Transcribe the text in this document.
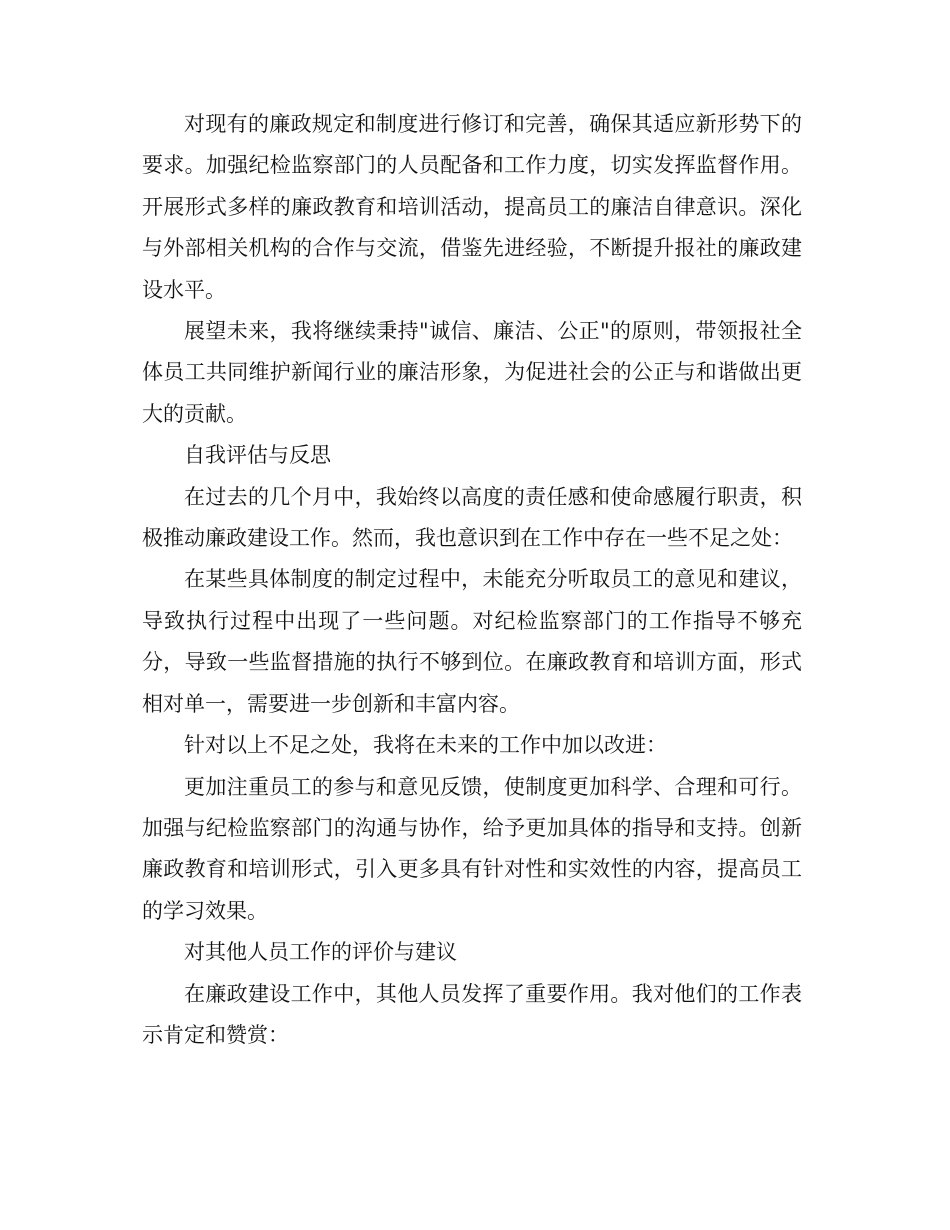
对现有的廉政规定和制度进行修订和完善，确保其适应新形势下的要求。加强纪检监察部门的人员配备和工作力度，切实发挥监督作用。开展形式多样的廉政教育和培训活动，提高员工的廉洁自律意识。深化与外部相关机构的合作与交流，借鉴先进经验，不断提升报社的廉政建设水平。

展望未来，我将继续秉持"诚信、廉洁、公正"的原则，带领报社全体员工共同维护新闻行业的廉洁形象，为促进社会的公正与和谐做出更大的贡献。

自我评估与反思

在过去的几个月中，我始终以高度的责任感和使命感履行职责，积极推动廉政建设工作。然而，我也意识到在工作中存在一些不足之处：

在某些具体制度的制定过程中，未能充分听取员工的意见和建议，导致执行过程中出现了一些问题。对纪检监察部门的工作指导不够充分，导致一些监督措施的执行不够到位。在廉政教育和培训方面，形式相对单一，需要进一步创新和丰富内容。

针对以上不足之处，我将在未来的工作中加以改进：

更加注重员工的参与和意见反馈，使制度更加科学、合理和可行。加强与纪检监察部门的沟通与协作，给予更加具体的指导和支持。创新廉政教育和培训形式，引入更多具有针对性和实效性的内容，提高员工的学习效果。

对其他人员工作的评价与建议

在廉政建设工作中，其他人员发挥了重要作用。我对他们的工作表示肯定和赞赏：
